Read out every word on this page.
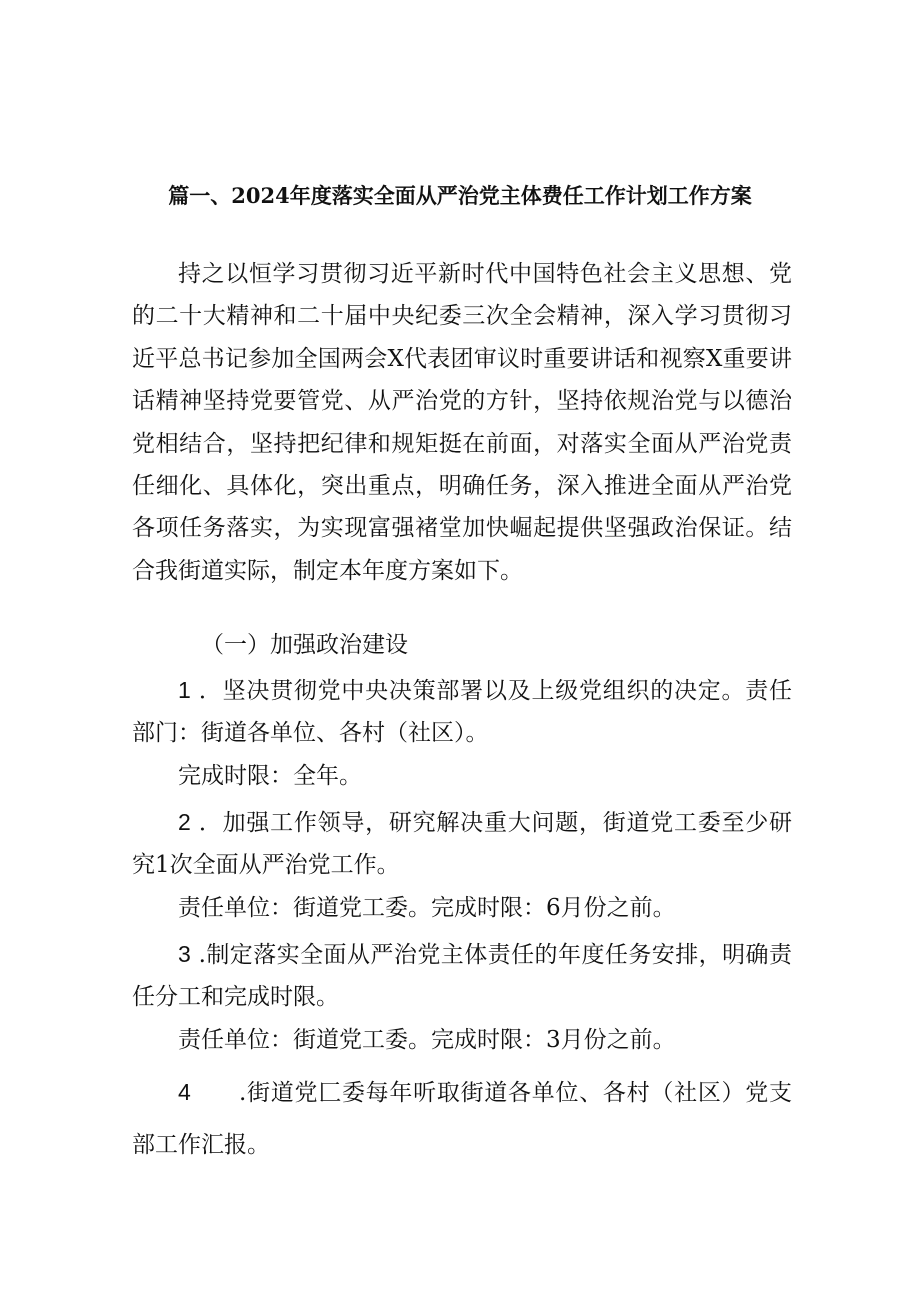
篇一、2024年度落实全面从严治党主体费任工作计划工作方案

持之以恒学习贯彻习近平新时代中国特色社会主义思想、党的二十大精神和二十届中央纪委三次全会精神，深入学习贯彻习近平总书记参加全国两会X代表团审议时重要讲话和视察X重要讲话精神坚持党要管党、从严治党的方针，坚持依规治党与以德治党相结合，坚持把纪律和规矩挺在前面，对落实全面从严治党责任细化、具体化，突出重点，明确任务，深入推进全面从严治党各项任务落实，为实现富强褚堂加快崛起提供坚强政治保证。结合我街道实际，制定本年度方案如下。

（一）加强政治建设

1 ．坚决贯彻党中央决策部署以及上级党组织的决定。责任部门：街道各单位、各村（社区）。

完成时限：全年。

2 ．加强工作领导，研究解决重大问题，街道党工委至少研究1次全面从严治党工作。

责任单位：街道党工委。完成时限：6月份之前。

3 .制定落实全面从严治党主体责任的年度任务安排，明确责任分工和完成时限。

责任单位：街道党工委。完成时限：3月份之前。

4 .街道党匚委每年听取街道各单位、各村（社区）党支部工作汇报。
